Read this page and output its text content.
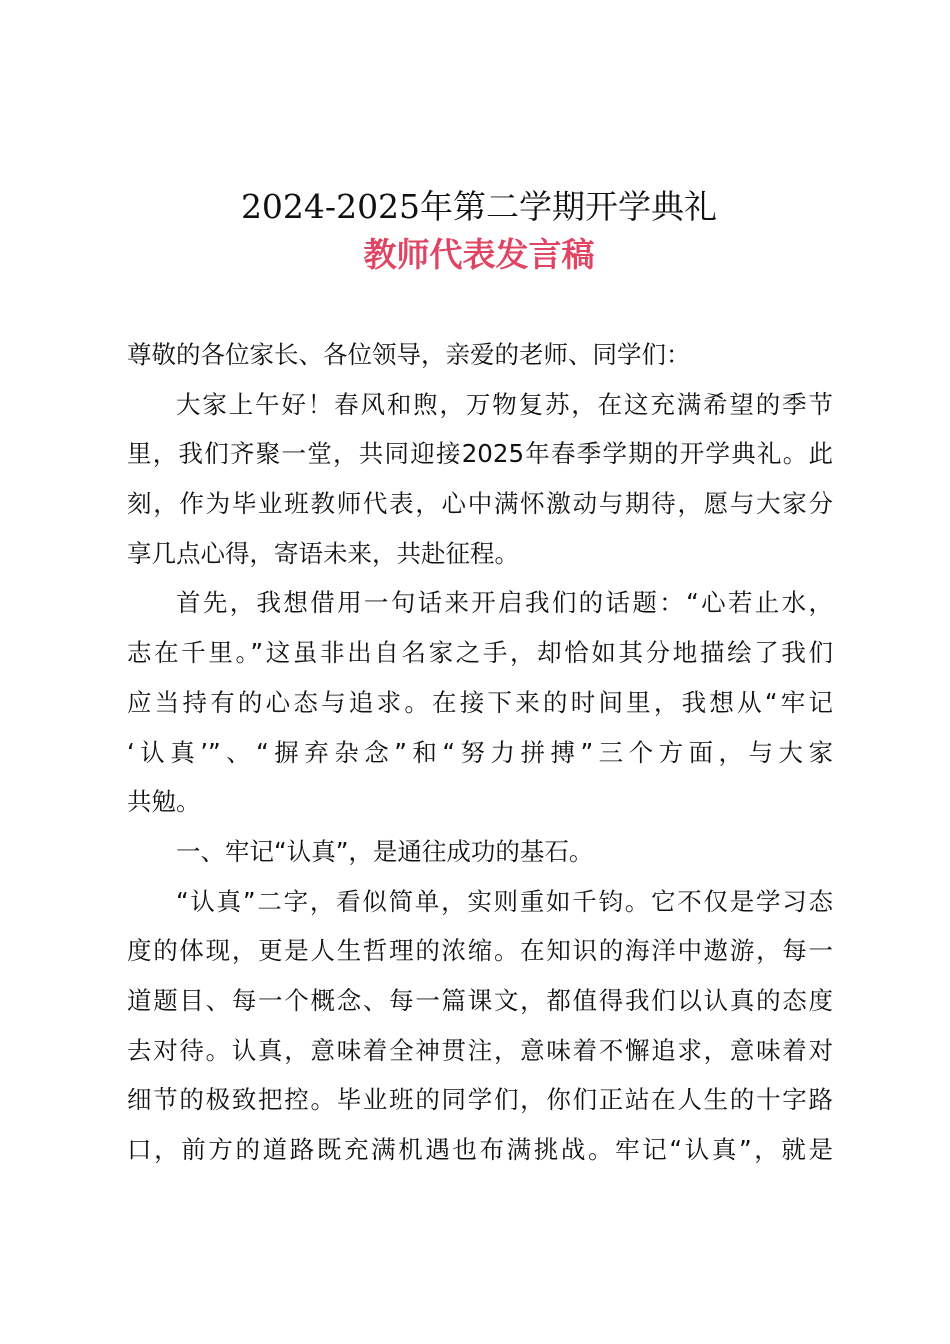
2024-2025年第二学期开学典礼
教师代表发言稿
尊敬的各位家长、各位领导，亲爱的老师、同学们：
大家上午好！春风和煦，万物复苏，在这充满希望的季节
里，我们齐聚一堂，共同迎接2025年春季学期的开学典礼。此
刻，作为毕业班教师代表，心中满怀激动与期待，愿与大家分
享几点心得，寄语未来，共赴征程。
首先，我想借用一句话来开启我们的话题：“心若止水，
志在千里。”这虽非出自名家之手，却恰如其分地描绘了我们
应当持有的心态与追求。在接下来的时间里，我想从“牢记
‘认真’”、“摒弃杂念”和“努力拼搏”三个方面，与大家
共勉。
一、牢记“认真”，是通往成功的基石。
“认真”二字，看似简单，实则重如千钧。它不仅是学习态
度的体现，更是人生哲理的浓缩。在知识的海洋中遨游，每一
道题目、每一个概念、每一篇课文，都值得我们以认真的态度
去对待。认真，意味着全神贯注，意味着不懈追求，意味着对
细节的极致把控。毕业班的同学们，你们正站在人生的十字路
口，前方的道路既充满机遇也布满挑战。牢记“认真”，就是
